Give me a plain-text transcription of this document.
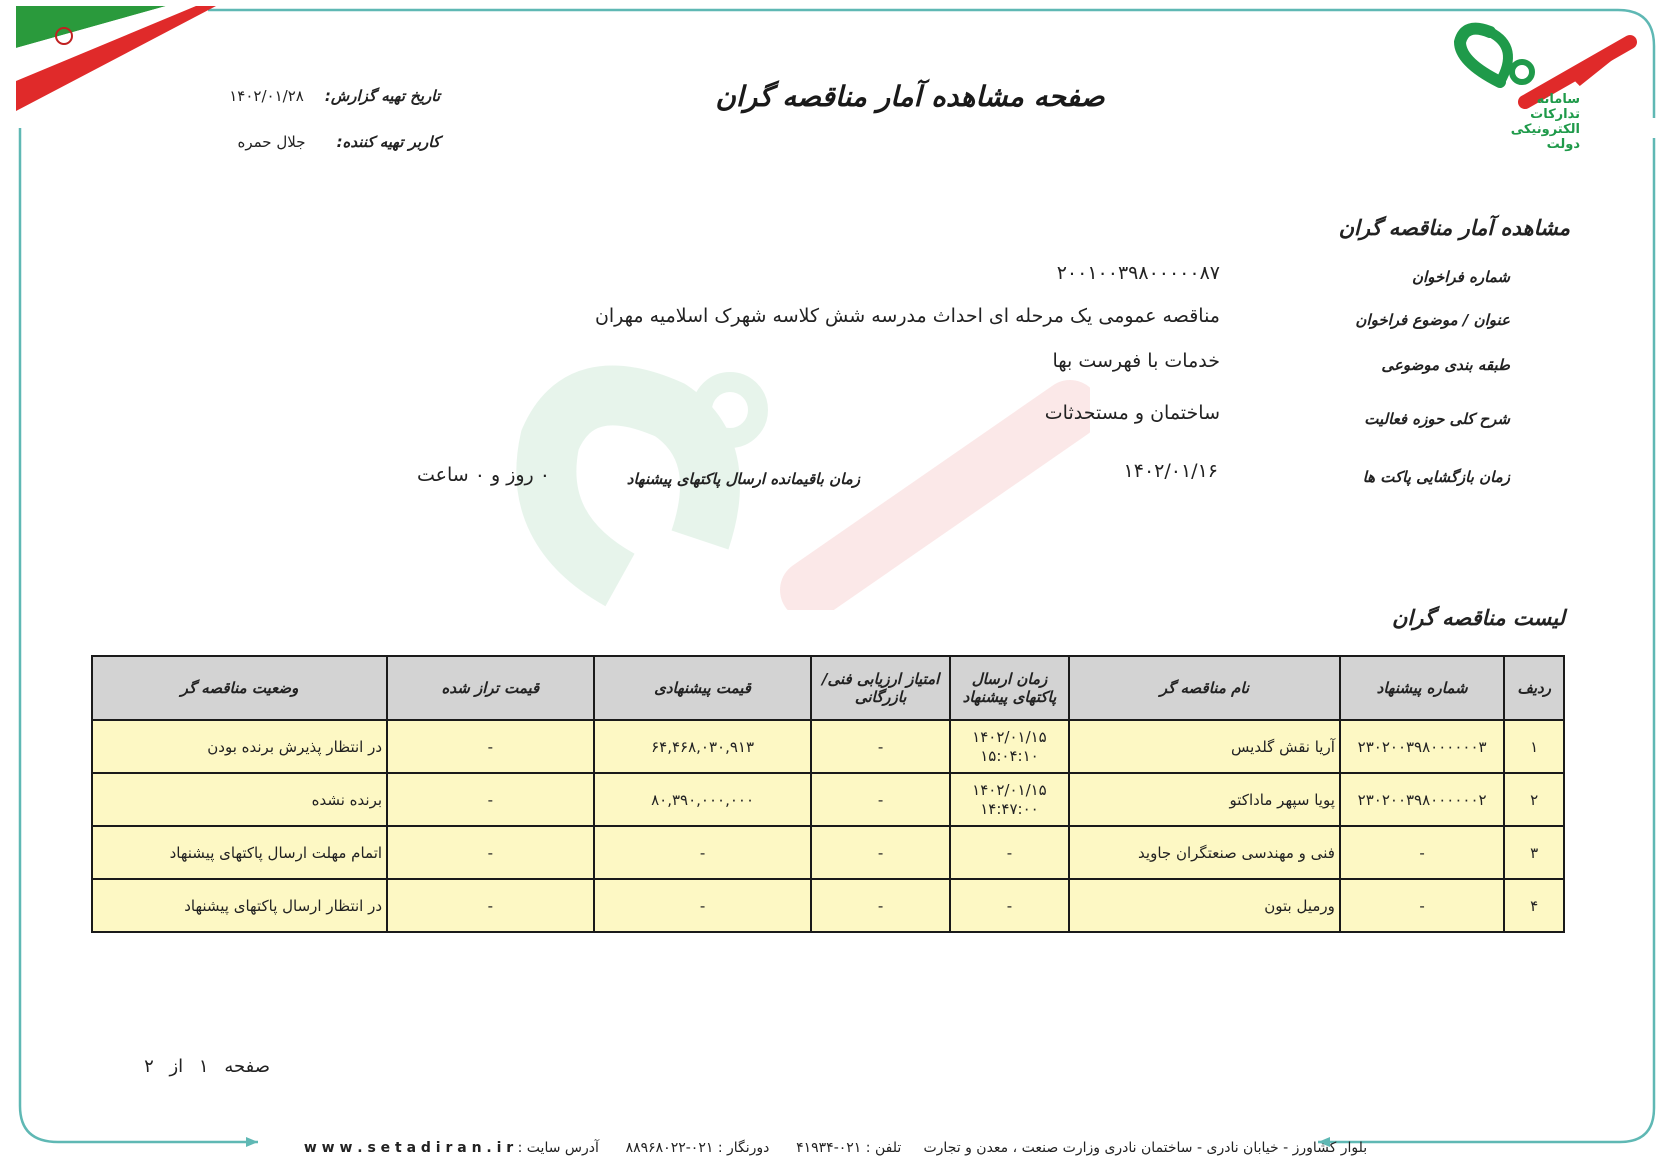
سامانه
تدارکات
الکترونیکی
دولت
صفحه مشاهده آمار مناقصه گران
تاریخ تهیه گزارش: ۱۴۰۲/۰۱/۲۸
کاربر تهیه کننده: جلال حمره
مشاهده آمار مناقصه گران
شماره فراخوان
۲۰۰۱۰۰۳۹۸۰۰۰۰۰۸۷
عنوان / موضوع فراخوان
مناقصه عمومی یک مرحله ای احداث مدرسه شش کلاسه شهرک اسلامیه مهران
طبقه بندی موضوعی
خدمات با فهرست بها
شرح کلی حوزه فعالیت
ساختمان و مستحدثات
زمان بازگشایی پاکت ها
۱۴۰۲/۰۱/۱۶
زمان باقیمانده ارسال پاکتهای پیشنهاد
۰ روز و ۰ ساعت
لیست مناقصه گران
ردیف	شماره پیشنهاد	نام مناقصه گر	زمان ارسال پاکتهای پیشنهاد	امتیاز ارزیابی فنی/ بازرگانی	قیمت پیشنهادی	قیمت تراز شده	وضعیت مناقصه گر
۱	۲۳۰۲۰۰۳۹۸۰۰۰۰۰۰۳	آریا نقش گلدیس	۱۴۰۲/۰۱/۱۵
۱۵:۰۴:۱۰	-	۶۴,۴۶۸,۰۳۰,۹۱۳	-	در انتظار پذیرش برنده بودن
۲	۲۳۰۲۰۰۳۹۸۰۰۰۰۰۰۲	پویا سپهر ماداکتو	۱۴۰۲/۰۱/۱۵
۱۴:۴۷:۰۰	-	۸۰,۳۹۰,۰۰۰,۰۰۰	-	برنده نشده
۳	-	فنی و مهندسی صنعتگران جاوید	-	-	-	-	اتمام مهلت ارسال پاکتهای پیشنهاد
۴	-	ورمیل بتون	-	-	-	-	در انتظار ارسال پاکتهای پیشنهاد
صفحه ۱ از ۲
بلوار کشاورز - خیابان نادری - ساختمان نادری وزارت صنعت ، معدن و تجارت     تلفن : ۰۲۱-۴۱۹۳۴      دورنگار : ۰۲۱-۸۸۹۶۸۰۲۲      آدرس سایت : w w w . s e t a d i r a n . i r
